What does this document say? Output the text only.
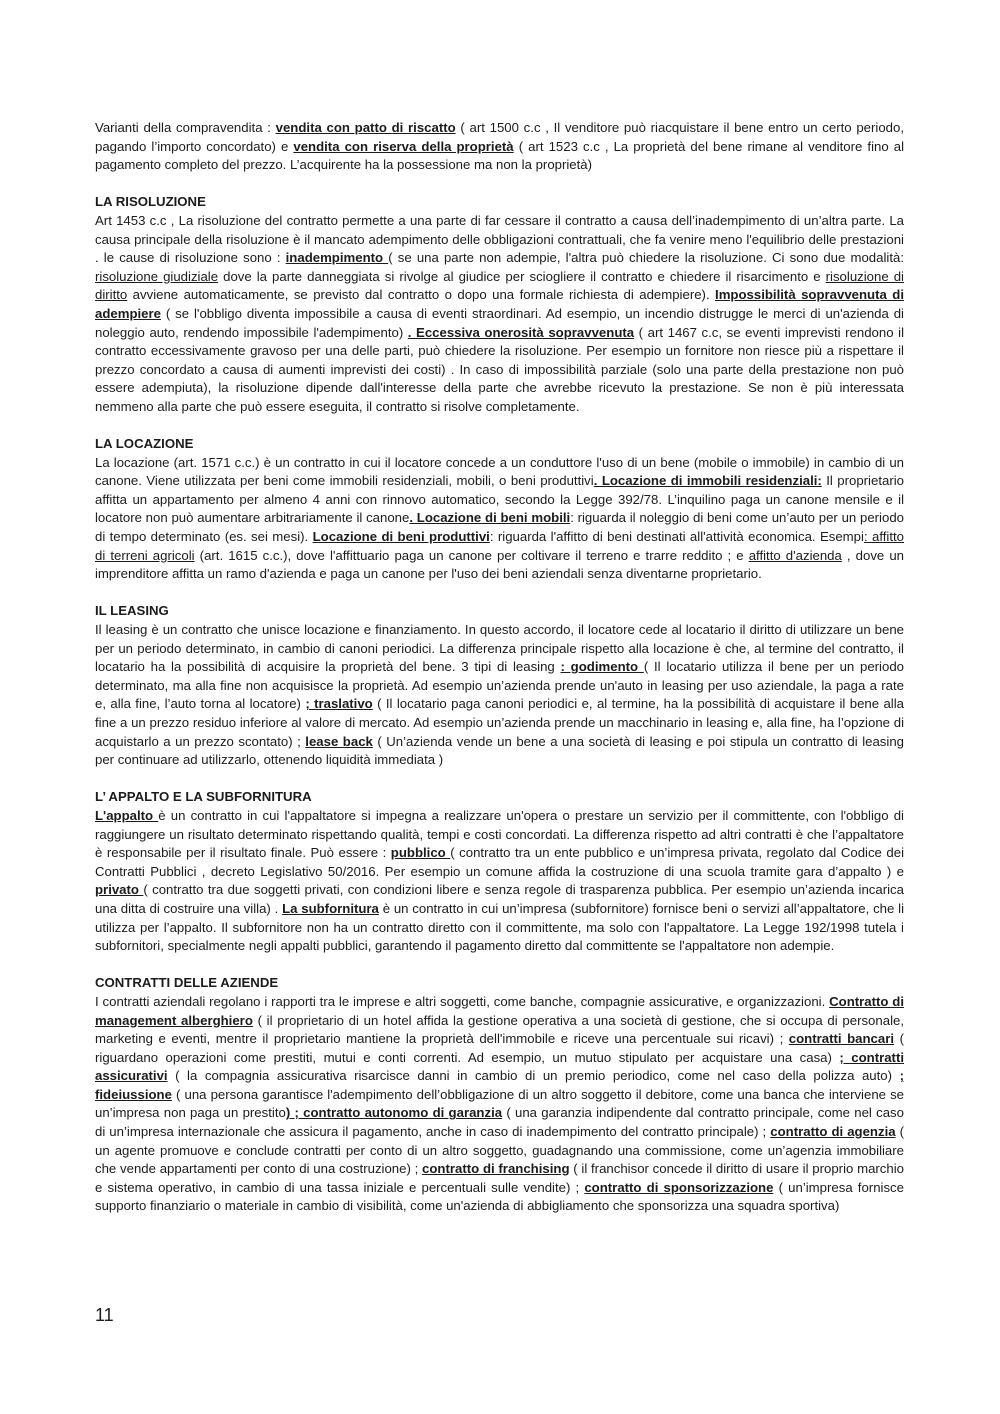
Varianti della compravendita : vendita con patto di riscatto ( art 1500 c.c , Il venditore può riacquistare il bene entro un certo periodo, pagando l’importo concordato) e vendita con riserva della proprietà ( art 1523 c.c , La proprietà del bene rimane al venditore fino al pagamento completo del prezzo. L’acquirente ha la possessione ma non la proprietà)

LA RISOLUZIONE

Art 1453 c.c , La risoluzione del contratto permette a una parte di far cessare il contratto a causa dell’inadempimento di un’altra parte. La causa principale della risoluzione è il mancato adempimento delle obbligazioni contrattuali, che fa venire meno l'equilibrio delle prestazioni . le cause di risoluzione sono : inadempimento ( se una parte non adempie, l'altra può chiedere la risoluzione. Ci sono due modalità: risoluzione giudiziale dove la parte danneggiata si rivolge al giudice per sciogliere il contratto e chiedere il risarcimento e risoluzione di diritto avviene automaticamente, se previsto dal contratto o dopo una formale richiesta di adempiere). Impossibilità sopravvenuta di adempiere ( se l'obbligo diventa impossibile a causa di eventi straordinari. Ad esempio, un incendio distrugge le merci di un'azienda di noleggio auto, rendendo impossibile l'adempimento) . Eccessiva onerosità sopravvenuta ( art 1467 c.c, se eventi imprevisti rendono il contratto eccessivamente gravoso per una delle parti, può chiedere la risoluzione. Per esempio un fornitore non riesce più a rispettare il prezzo concordato a causa di aumenti imprevisti dei costi) . In caso di impossibilità parziale (solo una parte della prestazione non può essere adempiuta), la risoluzione dipende dall'interesse della parte che avrebbe ricevuto la prestazione. Se non è più interessata nemmeno alla parte che può essere eseguita, il contratto si risolve completamente.

LA LOCAZIONE

La locazione (art. 1571 c.c.) è un contratto in cui il locatore concede a un conduttore l'uso di un bene (mobile o immobile) in cambio di un canone. Viene utilizzata per beni come immobili residenziali, mobili, o beni produttivi. Locazione di immobili residenziali: Il proprietario affitta un appartamento per almeno 4 anni con rinnovo automatico, secondo la Legge 392/78. L’inquilino paga un canone mensile e il locatore non può aumentare arbitrariamente il canone. Locazione di beni mobili: riguarda il noleggio di beni come un’auto per un periodo di tempo determinato (es. sei mesi). Locazione di beni produttivi: riguarda l'affitto di beni destinati all'attività economica. Esempi: affitto di terreni agricoli (art. 1615 c.c.), dove l'affittuario paga un canone per coltivare il terreno e trarre reddito ; e affitto d'azienda , dove un imprenditore affitta un ramo d'azienda e paga un canone per l'uso dei beni aziendali senza diventarne proprietario.

IL LEASING

Il leasing è un contratto che unisce locazione e finanziamento. In questo accordo, il locatore cede al locatario il diritto di utilizzare un bene per un periodo determinato, in cambio di canoni periodici. La differenza principale rispetto alla locazione è che, al termine del contratto, il locatario ha la possibilità di acquisire la proprietà del bene. 3 tipi di leasing : godimento ( Il locatario utilizza il bene per un periodo determinato, ma alla fine non acquisisce la proprietà. Ad esempio un’azienda prende un'auto in leasing per uso aziendale, la paga a rate e, alla fine, l’auto torna al locatore) ; traslativo ( Il locatario paga canoni periodici e, al termine, ha la possibilità di acquistare il bene alla fine a un prezzo residuo inferiore al valore di mercato. Ad esempio un’azienda prende un macchinario in leasing e, alla fine, ha l’opzione di acquistarlo a un prezzo scontato) ; lease back ( Un’azienda vende un bene a una società di leasing e poi stipula un contratto di leasing per continuare ad utilizzarlo, ottenendo liquidità immediata )

L’ APPALTO E LA SUBFORNITURA

L'appalto è un contratto in cui l'appaltatore si impegna a realizzare un'opera o prestare un servizio per il committente, con l'obbligo di raggiungere un risultato determinato rispettando qualità, tempi e costi concordati. La differenza rispetto ad altri contratti è che l’appaltatore è responsabile per il risultato finale. Può essere : pubblico ( contratto tra un ente pubblico e un’impresa privata, regolato dal Codice dei Contratti Pubblici , decreto Legislativo 50/2016. Per esempio un comune affida la costruzione di una scuola tramite gara d’appalto ) e privato ( contratto tra due soggetti privati, con condizioni libere e senza regole di trasparenza pubblica. Per esempio un’azienda incarica una ditta di costruire una villa) . La subfornitura è un contratto in cui un’impresa (subfornitore) fornisce beni o servizi all’appaltatore, che li utilizza per l’appalto. Il subfornitore non ha un contratto diretto con il committente, ma solo con l'appaltatore. La Legge 192/1998 tutela i subfornitori, specialmente negli appalti pubblici, garantendo il pagamento diretto dal committente se l'appaltatore non adempie.

CONTRATTI DELLE AZIENDE

I contratti aziendali regolano i rapporti tra le imprese e altri soggetti, come banche, compagnie assicurative, e organizzazioni. Contratto di management alberghiero ( il proprietario di un hotel affida la gestione operativa a una società di gestione, che si occupa di personale, marketing e eventi, mentre il proprietario mantiene la proprietà dell'immobile e riceve una percentuale sui ricavi) ; contratti bancari ( riguardano operazioni come prestiti, mutui e conti correnti. Ad esempio, un mutuo stipulato per acquistare una casa) ; contratti assicurativi ( la compagnia assicurativa risarcisce danni in cambio di un premio periodico, come nel caso della polizza auto) ; fideiussione ( una persona garantisce l'adempimento dell’obbligazione di un altro soggetto il debitore, come una banca che interviene se un’impresa non paga un prestito) ; contratto autonomo di garanzia ( una garanzia indipendente dal contratto principale, come nel caso di un’impresa internazionale che assicura il pagamento, anche in caso di inadempimento del contratto principale) ; contratto di agenzia ( un agente promuove e conclude contratti per conto di un altro soggetto, guadagnando una commissione, come un’agenzia immobiliare che vende appartamenti per conto di una costruzione) ; contratto di franchising ( il franchisor concede il diritto di usare il proprio marchio e sistema operativo, in cambio di una tassa iniziale e percentuali sulle vendite) ; contratto di sponsorizzazione ( un’impresa fornisce supporto finanziario o materiale in cambio di visibilità, come un'azienda di abbigliamento che sponsorizza una squadra sportiva)

11
